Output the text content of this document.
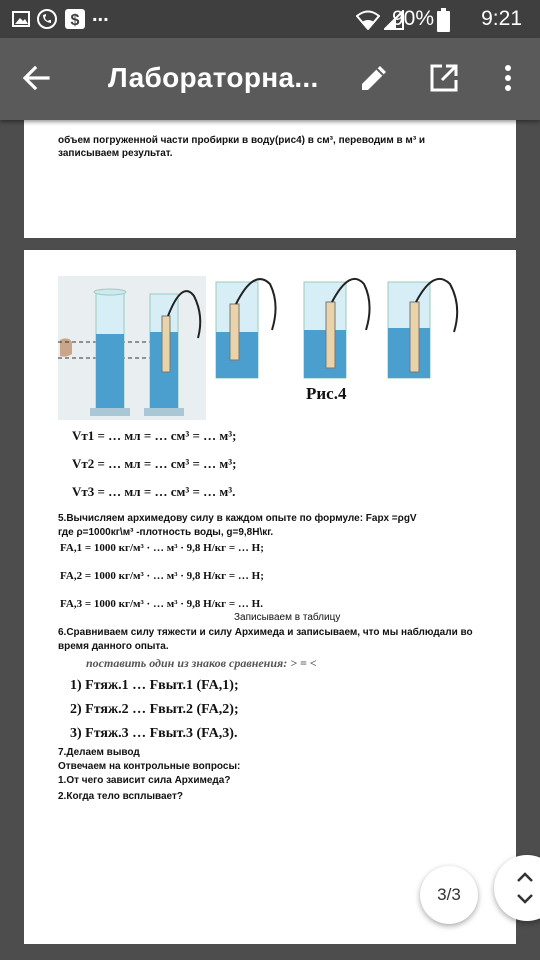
$ ...	90% 9:21
Лабораторна...
объем погруженной части пробирки в воду(рис4) в см³, переводим в м³ и
записываем результат.
Рис.4
Vт1 = … мл = … см³ = … м³;
Vт2 = … мл = … см³ = … м³;
Vт3 = … мл = … см³ = … м³.
5.Вычисляем архимедову силу в каждом опыте по формуле: Fарх =ρgV
где ρ=1000кг\м³ -плотность воды, g=9,8Н\кг.
FA,1 = 1000 кг/м³ · … м³ · 9,8 Н/кг = … Н;
FA,2 = 1000 кг/м³ · … м³ · 9,8 Н/кг = … Н;
FA,3 = 1000 кг/м³ · … м³ · 9,8 Н/кг = … Н.
Записываем в таблицу
6.Сравниваем силу тяжести и силу Архимеда и записываем, что мы наблюдали во
время данного опыта.
поставить один из знаков сравнения: > = <
1) Fтяж.1 … Fвыт.1 (FA,1);
2) Fтяж.2 … Fвыт.2 (FA,2);
3) Fтяж.3 … Fвыт.3 (FA,3).
7.Делаем вывод
Отвечаем на контрольные вопросы:
1.От чего зависит сила Архимеда?
2.Когда тело всплывает?
3/3
